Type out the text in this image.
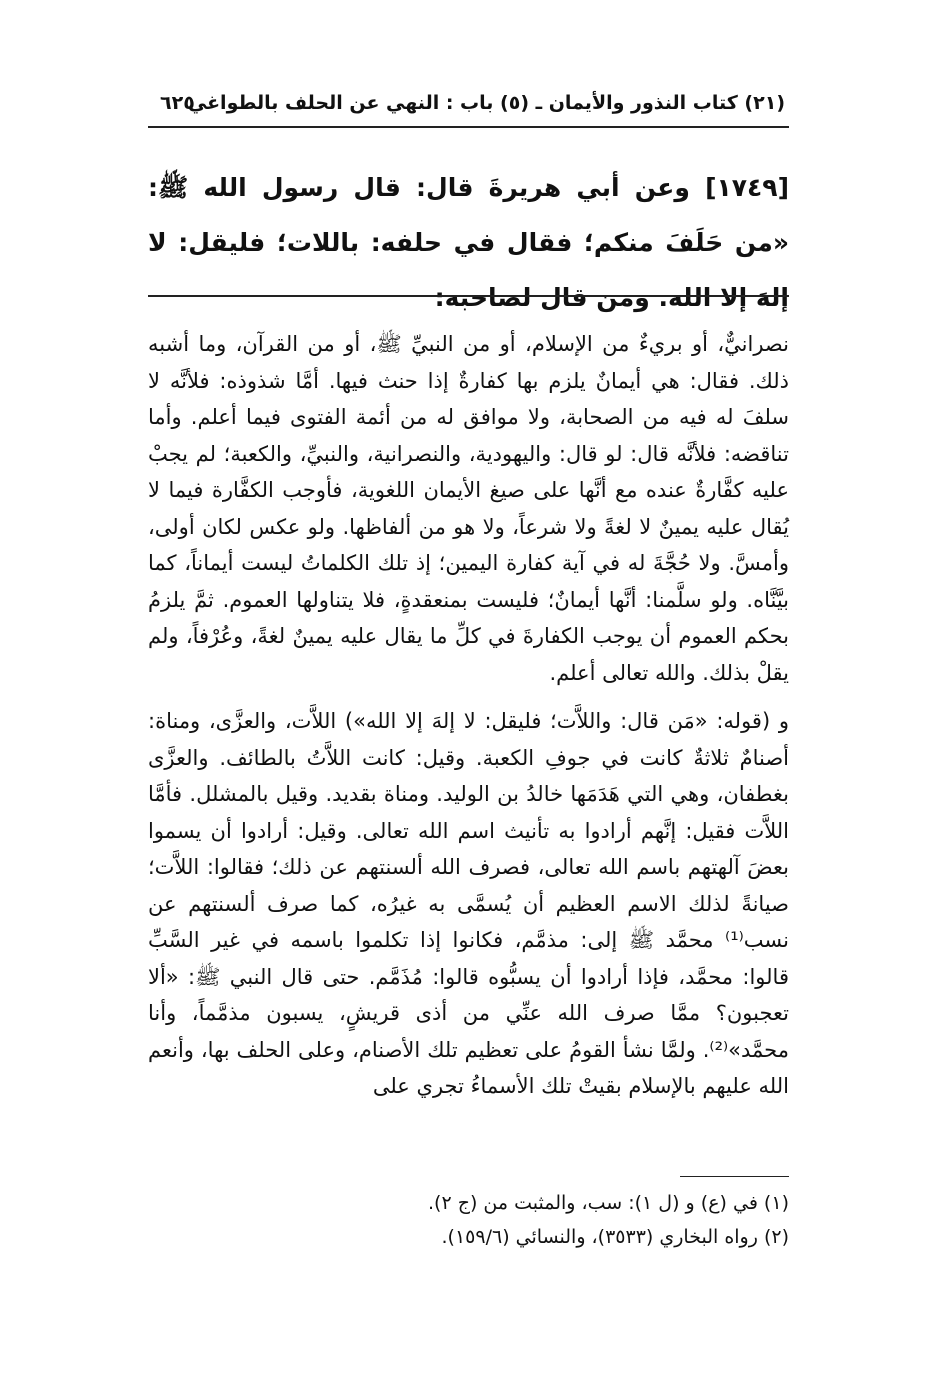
٦٢٥
(٢١) كتاب النذور والأيمان ـ (٥) باب : النهي عن الحلف بالطواغي
[١٧٤٩] وعن أبي هريرةَ قال: قال رسول الله ﷺ: «من حَلَفَ منكم؛ فقال في حلفه: باللات؛ فليقل: لا إلهَ إلا الله. ومن قال لصاحبه:

نصرانيٌّ، أو بريءٌ من الإسلام، أو من النبيِّ ﷺ، أو من القرآن، وما أشبه ذلك. فقال: هي أيمانٌ يلزم بها كفارةٌ إذا حنث فيها. أمَّا شذوذه: فلأنَّه لا سلفَ له فيه من الصحابة، ولا موافق له من أئمة الفتوى فيما أعلم. وأما تناقضه: فلأنَّه قال: لو قال: واليهودية، والنصرانية، والنبيِّ، والكعبة؛ لم يجبْ عليه كفَّارةٌ عنده مع أنَّها على صيغ الأيمان اللغوية، فأوجب الكفَّارة فيما لا يُقال عليه يمينٌ لا لغةً ولا شرعاً، ولا هو من ألفاظها. ولو عكس لكان أولى، وأمسَّ. ولا حُجَّةَ له في آية كفارة اليمين؛ إذ تلك الكلماتُ ليست أيماناً، كما بيَّنَّاه. ولو سلَّمنا: أنَّها أيمانٌ؛ فليست بمنعقدةٍ، فلا يتناولها العموم. ثمَّ يلزمُ بحكم العموم أن يوجب الكفارةَ في كلِّ ما يقال عليه يمينٌ لغةً، وعُرْفاً، ولم يقلْ بذلك. والله تعالى أعلم.

و (قوله: «مَن قال: واللاَّت؛ فليقل: لا إلهَ إلا الله») اللاَّت، والعزَّى، ومناة: أصنامٌ ثلاثةٌ كانت في جوفِ الكعبة. وقيل: كانت اللاَّتُ بالطائف. والعزَّى بغطفان، وهي التي هَدَمَها خالدُ بن الوليد. ومناة بقديد. وقيل بالمشلل. فأمَّا اللاَّت فقيل: إنَّهم أرادوا به تأنيث اسم الله تعالى. وقيل: أرادوا أن يسموا بعضَ آلهتهم باسم الله تعالى، فصرف الله ألسنتهم عن ذلك؛ فقالوا: اللاَّت؛ صيانةً لذلك الاسم العظيم أن يُسمَّى به غيرُه، كما صرف ألسنتهم عن نسب⁽¹⁾ محمَّد ﷺ إلى: مذمَّم، فكانوا إذا تكلموا باسمه في غير السَّبِّ قالوا: محمَّد، فإذا أرادوا أن يسبُّوه قالوا: مُذَمَّم. حتى قال النبي ﷺ: «ألا تعجبون؟ ممَّا صرف الله عنِّي من أذى قريشٍ، يسبون مذمَّماً، وأنا محمَّد»⁽²⁾. ولمَّا نشأ القومُ على تعظيم تلك الأصنام، وعلى الحلف بها، وأنعم الله عليهم بالإسلام بقيتْ تلك الأسماءُ تجري على

(١) في (ع) و (ل ١): سب، والمثبت من (ج ٢).
(٢) رواه البخاري (٣٥٣٣)، والنسائي (١٥٩/٦).
